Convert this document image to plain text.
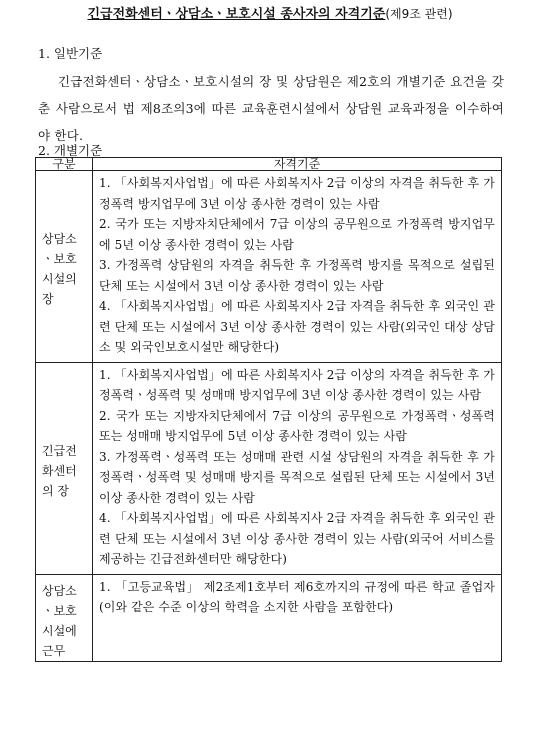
긴급전화센터ㆍ상담소ㆍ보호시설 종사자의 자격기준(제9조 관련)
1. 일반기준
긴급전화센터ㆍ상담소ㆍ보호시설의 장 및 상담원은 제2호의 개별기준 요건을 갖춘 사람으로서 법 제8조의3에 따른 교육훈련시설에서 상담원 교육과정을 이수하여야 한다.
2. 개별기준
구분	자격기준

상담소ㆍ보호시설의 장	1. 「사회복지사업법」에 따른 사회복지사 2급 이상의 자격을 취득한 후 가정폭력 방지업무에 3년 이상 종사한 경력이 있는 사람
2. 국가 또는 지방자치단체에서 7급 이상의 공무원으로 가정폭력 방지업무에 5년 이상 종사한 경력이 있는 사람
3. 가정폭력 상담원의 자격을 취득한 후 가정폭력 방지를 목적으로 설립된 단체 또는 시설에서 3년 이상 종사한 경력이 있는 사람
4. 「사회복지사업법」에 따른 사회복지사 2급 자격을 취득한 후 외국인 관련 단체 또는 시설에서 3년 이상 종사한 경력이 있는 사람(외국인 대상 상담소 및 외국인보호시설만 해당한다)

긴급전화센터의 장	1. 「사회복지사업법」에 따른 사회복지사 2급 이상의 자격을 취득한 후 가정폭력ㆍ성폭력 및 성매매 방지업무에 3년 이상 종사한 경력이 있는 사람
2. 국가 또는 지방자치단체에서 7급 이상의 공무원으로 가정폭력ㆍ성폭력 또는 성매매 방지업무에 5년 이상 종사한 경력이 있는 사람
3. 가정폭력ㆍ성폭력 또는 성매매 관련 시설 상담원의 자격을 취득한 후 가정폭력ㆍ성폭력 및 성매매 방지를 목적으로 설립된 단체 또는 시설에서 3년 이상 종사한 경력이 있는 사람
4. 「사회복지사업법」에 따른 사회복지사 2급 자격을 취득한 후 외국인 관련 단체 또는 시설에서 3년 이상 종사한 경력이 있는 사람(외국어 서비스를 제공하는 긴급전화센터만 해당한다)

상담소ㆍ보호시설에 근무	1. 「고등교육법」 제2조제1호부터 제6호까지의 규정에 따른 학교 졸업자(이와 같은 수준 이상의 학력을 소지한 사람을 포함한다)
